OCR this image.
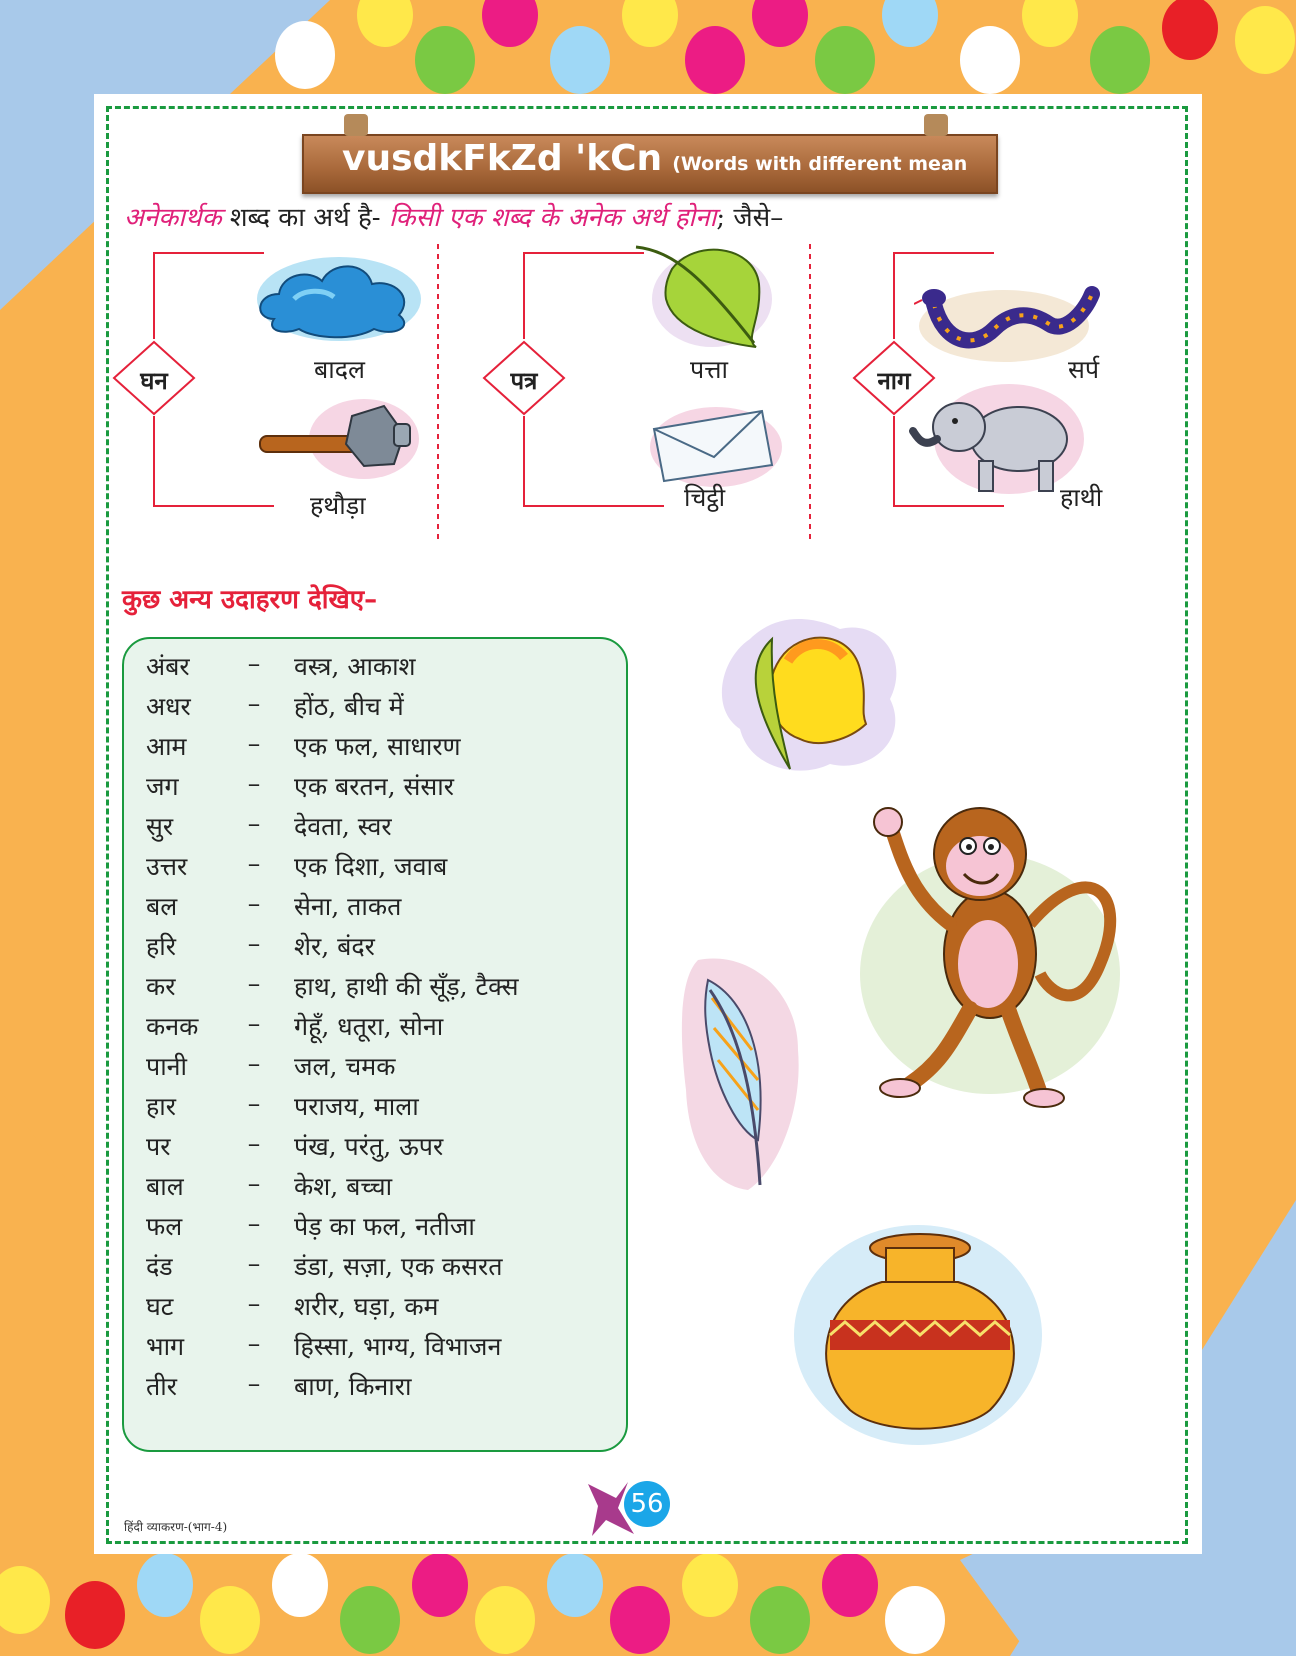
vusdkFkZd 'kCn (Words with different mean
अनेकार्थक शब्द का अर्थ है- किसी एक शब्द के अनेक अर्थ होना; जैसे–
घन	पत्र	नाग
बादल
हथौड़ा
पत्ता
चिट्ठी
सर्प
हाथी
कुछ अन्य उदाहरण देखिए–
हिंदी व्याकरण-(भाग-4)
56
अंबर	–	वस्त्र, आकाश
अधर	–	होंठ, बीच में
आम	–	एक फल, साधारण
जग	–	एक बरतन, संसार
सुर	–	देवता, स्वर
उत्तर	–	एक दिशा, जवाब
बल	–	सेना, ताकत
हरि	–	शेर, बंदर
कर	–	हाथ, हाथी की सूँड़, टैक्स
कनक	–	गेहूँ, धतूरा, सोना
पानी	–	जल, चमक
हार	–	पराजय, माला
पर	–	पंख, परंतु, ऊपर
बाल	–	केश, बच्चा
फल	–	पेड़ का फल, नतीजा
दंड	–	डंडा, सज़ा, एक कसरत
घट	–	शरीर, घड़ा, कम
भाग	–	हिस्सा, भाग्य, विभाजन
तीर	–	बाण, किनारा
